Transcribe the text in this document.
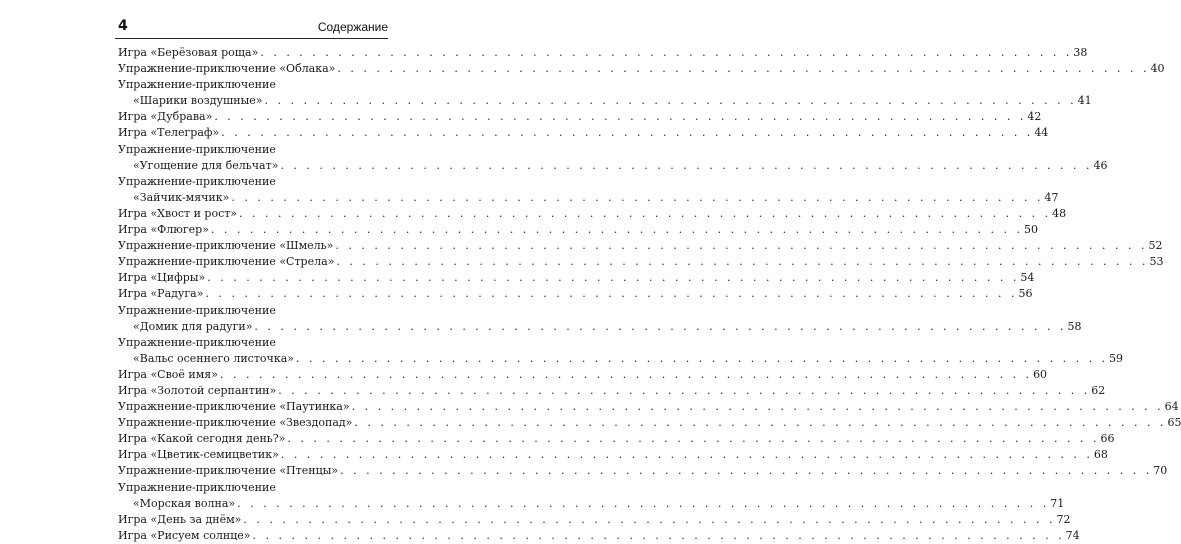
4	Содержание
Игра «Берёзовая роща» . . .	38
Упражнение-приключение «Облака» . . .	40
Упражнение-приключение
«Шарики воздушные» . . .	41
Игра «Дубрава» . . .	42
Игра «Телеграф» . . .	44
Упражнение-приключение
«Угощение для бельчат» . . .	46
Упражнение-приключение
«Зайчик-мячик» . . .	47
Игра «Хвост и рост» . . .	48
Игра «Флюгер» . . .	50
Упражнение-приключение «Шмель» . . .	52
Упражнение-приключение «Стрела» . . .	53
Игра «Цифры» . . .	54
Игра «Радуга» . . .	56
Упражнение-приключение
«Домик для радуги» . . .	58
Упражнение-приключение
«Вальс осеннего листочка» . . .	59
Игра «Своё имя» . . .	60
Игра «Золотой серпантин» . . .	62
Упражнение-приключение «Паутинка» . . .	64
Упражнение-приключение «Звездопад» . . .	65
Игра «Какой сегодня день?» . . .	66
Игра «Цветик-семицветик» . . .	68
Упражнение-приключение «Птенцы» . . .	70
Упражнение-приключение
«Морская волна» . . .	71
Игра «День за днём» . . .	72
Игра «Рисуем солнце» . . .	74
